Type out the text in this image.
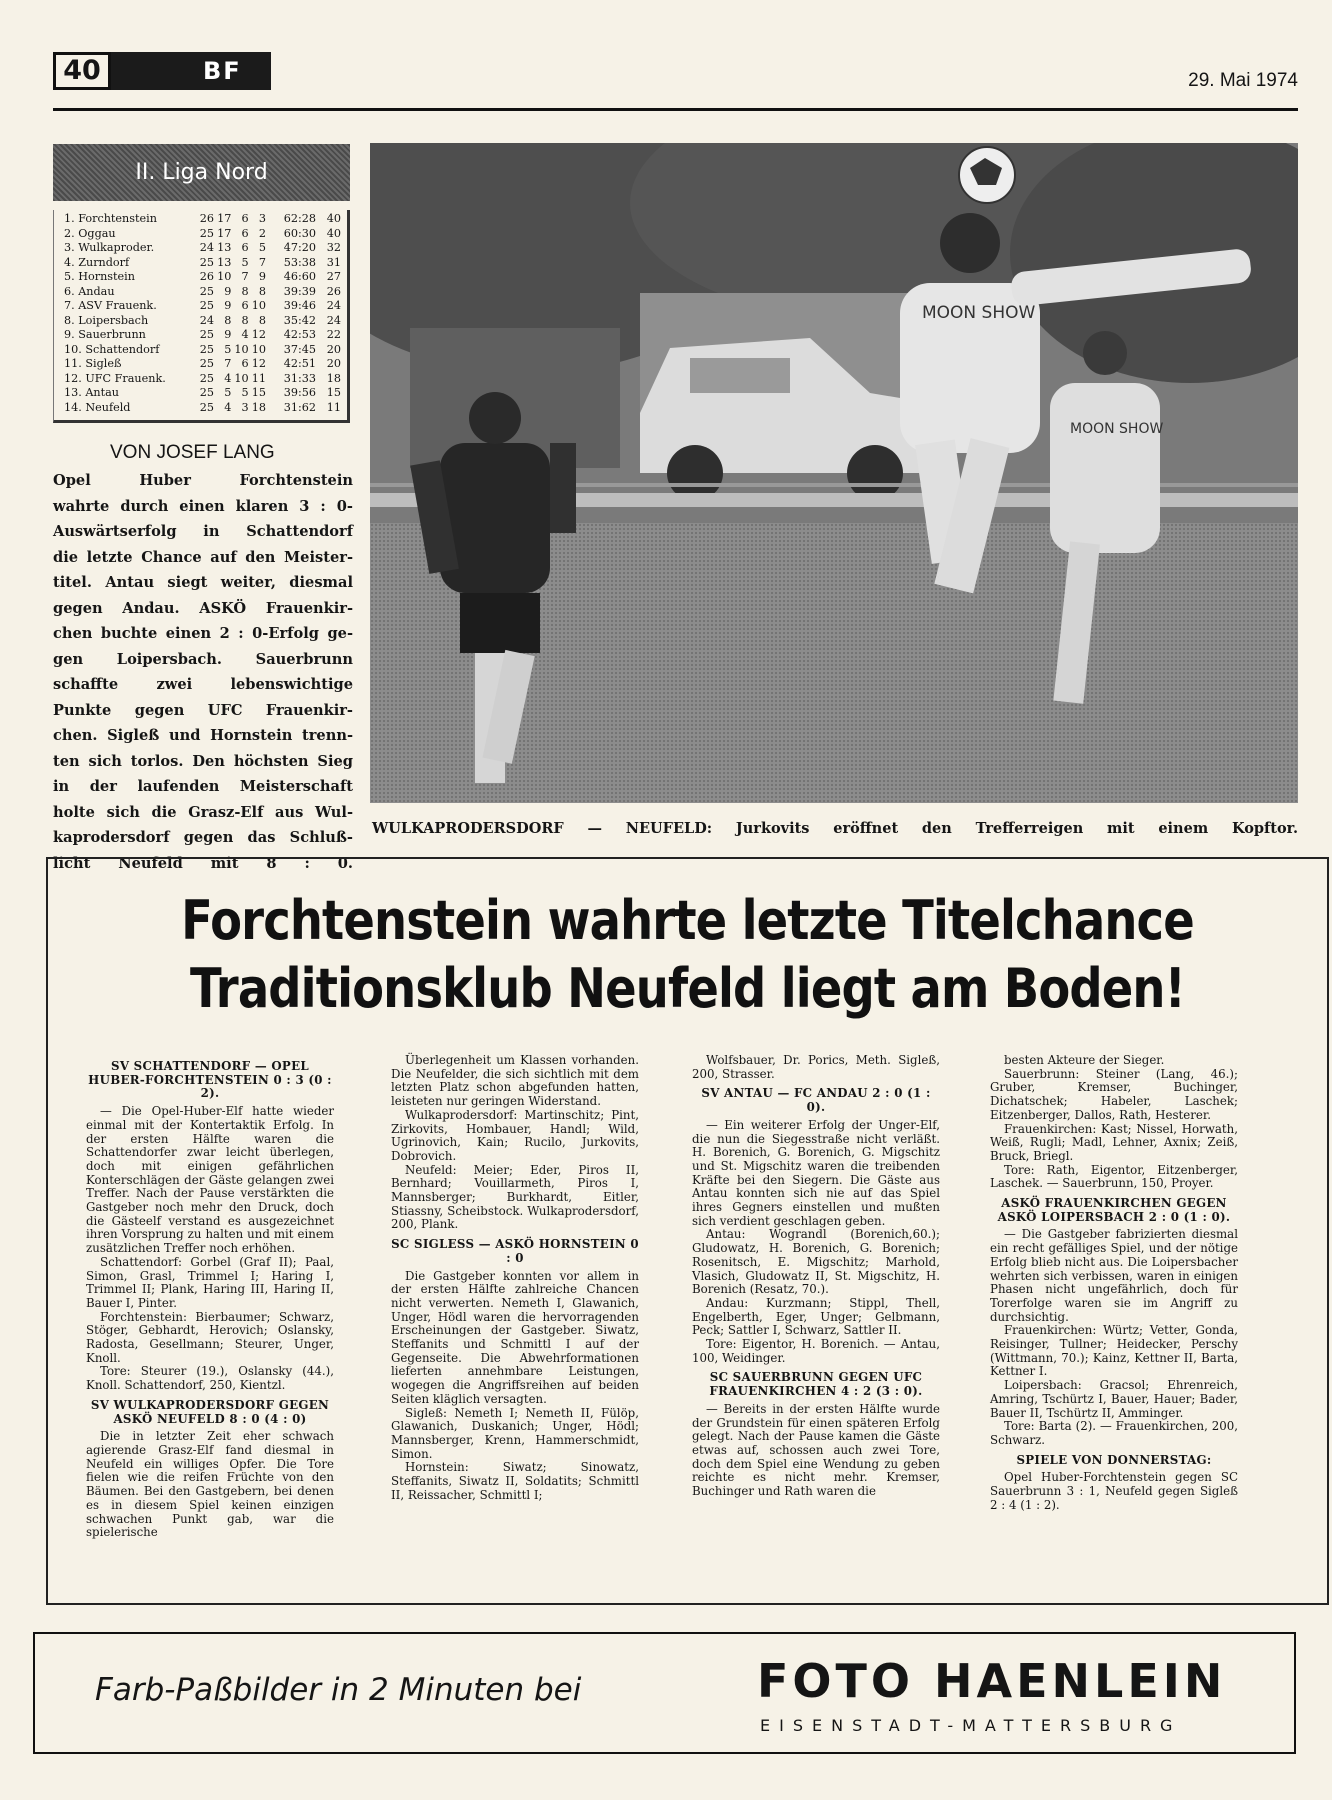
40	BF	29. Mai 1974
II. Liga Nord
1. Forchtenstein	26 17 6 3	62:28 40
2. Oggau	25 17 6 2	60:30 40
3. Wulkaproder.	24 13 6 5	47:20 32
4. Zurndorf	25 13 5 7	53:38 31
5. Hornstein	26 10 7 9	46:60 27
6. Andau	25 9 8 8	39:39 26
7. ASV Frauenk.	25 9 6 10	39:46 24
8. Loipersbach	24 8 8 8	35:42 24
9. Sauerbrunn	25 9 4 12	42:53 22
10. Schattendorf	25 5 10 10	37:45 20
11. Sigleß	25 7 6 12	42:51 20
12. UFC Frauenk.	25 4 10 11	31:33 18
13. Antau	25 5 5 15	39:56 15
14. Neufeld	25 4 3 18	31:62 11
VON JOSEF LANG
Opel Huber Forchtenstein
wahrte durch einen klaren 3 : 0-
Auswärtserfolg in Schattendorf
die letzte Chance auf den Meister-
titel. Antau siegt weiter, diesmal
gegen Andau. ASKÖ Frauenkir-
chen buchte einen 2 : 0-Erfolg ge-
gen Loipersbach. Sauerbrunn
schaffte zwei lebenswichtige
Punkte gegen UFC Frauenkir-
chen. Sigleß und Hornstein trenn-
ten sich torlos. Den höchsten Sieg
in der laufenden Meisterschaft
holte sich die Grasz-Elf aus Wul-
kaprodersdorf gegen das Schluß-
licht Neufeld mit 8 : 0.
MOON SHOW
MOON SHOW
WULKAPRODERSDORF — NEUFELD: Jurkovits eröffnet den Trefferreigen mit einem Kopftor.
Forchtenstein wahrte letzte Titelchance
Traditionsklub Neufeld liegt am Boden!

SV SCHATTENDORF — OPEL HUBER-FORCHTENSTEIN 0 : 3 (0 : 2).

— Die Opel-Huber-Elf hatte wieder einmal mit der Kontertaktik Erfolg. In der ersten Hälfte waren die Schattendorfer zwar leicht überlegen, doch mit einigen gefährlichen Konterschlägen der Gäste gelangen zwei Treffer. Nach der Pause verstärkten die Gastgeber noch mehr den Druck, doch die Gästeelf verstand es ausgezeichnet ihren Vorsprung zu halten und mit einem zusätzlichen Treffer noch erhöhen.

Schattendorf: Gorbel (Graf II); Paal, Simon, Grasl, Trimmel I; Haring I, Trimmel II; Plank, Haring III, Haring II, Bauer I, Pinter.

Forchtenstein: Bierbaumer; Schwarz, Stöger, Gebhardt, Herovich; Oslansky, Radosta, Gesellmann; Steurer, Unger, Knoll.

Tore: Steurer (19.), Oslansky (44.), Knoll. Schattendorf, 250, Kientzl.

SV WULKAPRODERSDORF GEGEN ASKÖ NEUFELD 8 : 0 (4 : 0)

Die in letzter Zeit eher schwach agierende Grasz-Elf fand diesmal in Neufeld ein williges Opfer. Die Tore fielen wie die reifen Früchte von den Bäumen. Bei den Gastgebern, bei denen es in diesem Spiel keinen einzigen schwachen Punkt gab, war die spielerische

Überlegenheit um Klassen vorhanden. Die Neufelder, die sich sichtlich mit dem letzten Platz schon abgefunden hatten, leisteten nur geringen Widerstand.

Wulkaprodersdorf: Martinschitz; Pint, Zirkovits, Hombauer, Handl; Wild, Ugrinovich, Kain; Rucilo, Jurkovits, Dobrovich.

Neufeld: Meier; Eder, Piros II, Bernhard; Vouillarmeth, Piros I, Mannsberger; Burkhardt, Eitler, Stiassny, Scheibstock. Wulkaprodersdorf, 200, Plank.

SC SIGLESS — ASKÖ HORNSTEIN 0 : 0

Die Gastgeber konnten vor allem in der ersten Hälfte zahlreiche Chancen nicht verwerten. Nemeth I, Glawanich, Unger, Hödl waren die hervorragenden Erscheinungen der Gastgeber. Siwatz, Steffanits und Schmittl I auf der Gegenseite. Die Abwehrformationen lieferten annehmbare Leistungen, wogegen die Angriffsreihen auf beiden Seiten kläglich versagten.

Sigleß: Nemeth I; Nemeth II, Fülöp, Glawanich, Duskanich; Unger, Hödl; Mannsberger, Krenn, Hammerschmidt, Simon.

Hornstein: Siwatz; Sinowatz, Steffanits, Siwatz II, Soldatits; Schmittl II, Reissacher, Schmittl I;

Wolfsbauer, Dr. Porics, Meth. Sigleß, 200, Strasser.

SV ANTAU — FC ANDAU 2 : 0 (1 : 0).

— Ein weiterer Erfolg der Unger-Elf, die nun die Siegesstraße nicht verläßt. H. Borenich, G. Borenich, G. Migschitz und St. Migschitz waren die treibenden Kräfte bei den Siegern. Die Gäste aus Antau konnten sich nie auf das Spiel ihres Gegners einstellen und mußten sich verdient geschlagen geben.

Antau: Wograndl (Borenich,60.); Gludowatz, H. Borenich, G. Borenich; Rosenitsch, E. Migschitz; Marhold, Vlasich, Gludowatz II, St. Migschitz, H. Borenich (Resatz, 70.).

Andau: Kurzmann; Stippl, Thell, Engelberth, Eger, Unger; Gelbmann, Peck; Sattler I, Schwarz, Sattler II.

Tore: Eigentor, H. Borenich. — Antau, 100, Weidinger.

SC SAUERBRUNN GEGEN UFC FRAUENKIRCHEN 4 : 2 (3 : 0).

— Bereits in der ersten Hälfte wurde der Grundstein für einen späteren Erfolg gelegt. Nach der Pause kamen die Gäste etwas auf, schossen auch zwei Tore, doch dem Spiel eine Wendung zu geben reichte es nicht mehr. Kremser, Buchinger und Rath waren die

besten Akteure der Sieger.

Sauerbrunn: Steiner (Lang, 46.); Gruber, Kremser, Buchinger, Dichatschek; Habeler, Laschek; Eitzenberger, Dallos, Rath, Hesterer.

Frauenkirchen: Kast; Nissel, Horwath, Weiß, Rugli; Madl, Lehner, Axnix; Zeiß, Bruck, Briegl.

Tore: Rath, Eigentor, Eitzenberger, Laschek. — Sauerbrunn, 150, Proyer.

ASKÖ FRAUENKIRCHEN GEGEN ASKÖ LOIPERSBACH 2 : 0 (1 : 0).

— Die Gastgeber fabrizierten diesmal ein recht gefälliges Spiel, und der nötige Erfolg blieb nicht aus. Die Loipersbacher wehrten sich verbissen, waren in einigen Phasen nicht ungefährlich, doch für Torerfolge waren sie im Angriff zu durchsichtig.

Frauenkirchen: Würtz; Vetter, Gonda, Reisinger, Tullner; Heidecker, Perschy (Wittmann, 70.); Kainz, Kettner II, Barta, Kettner I.

Loipersbach: Gracsol; Ehrenreich, Amring, Tschürtz I, Bauer, Hauer; Bader, Bauer II, Tschürtz II, Amminger.

Tore: Barta (2). — Frauenkirchen, 200, Schwarz.

SPIELE VON DONNERSTAG:

Opel Huber-Forchtenstein gegen SC Sauerbrunn 3 : 1, Neufeld gegen Sigleß 2 : 4 (1 : 2).

Farb-Paßbilder in 2 Minuten bei	FOTO HAENLEIN
EISENSTADT-MATTERSBURG
